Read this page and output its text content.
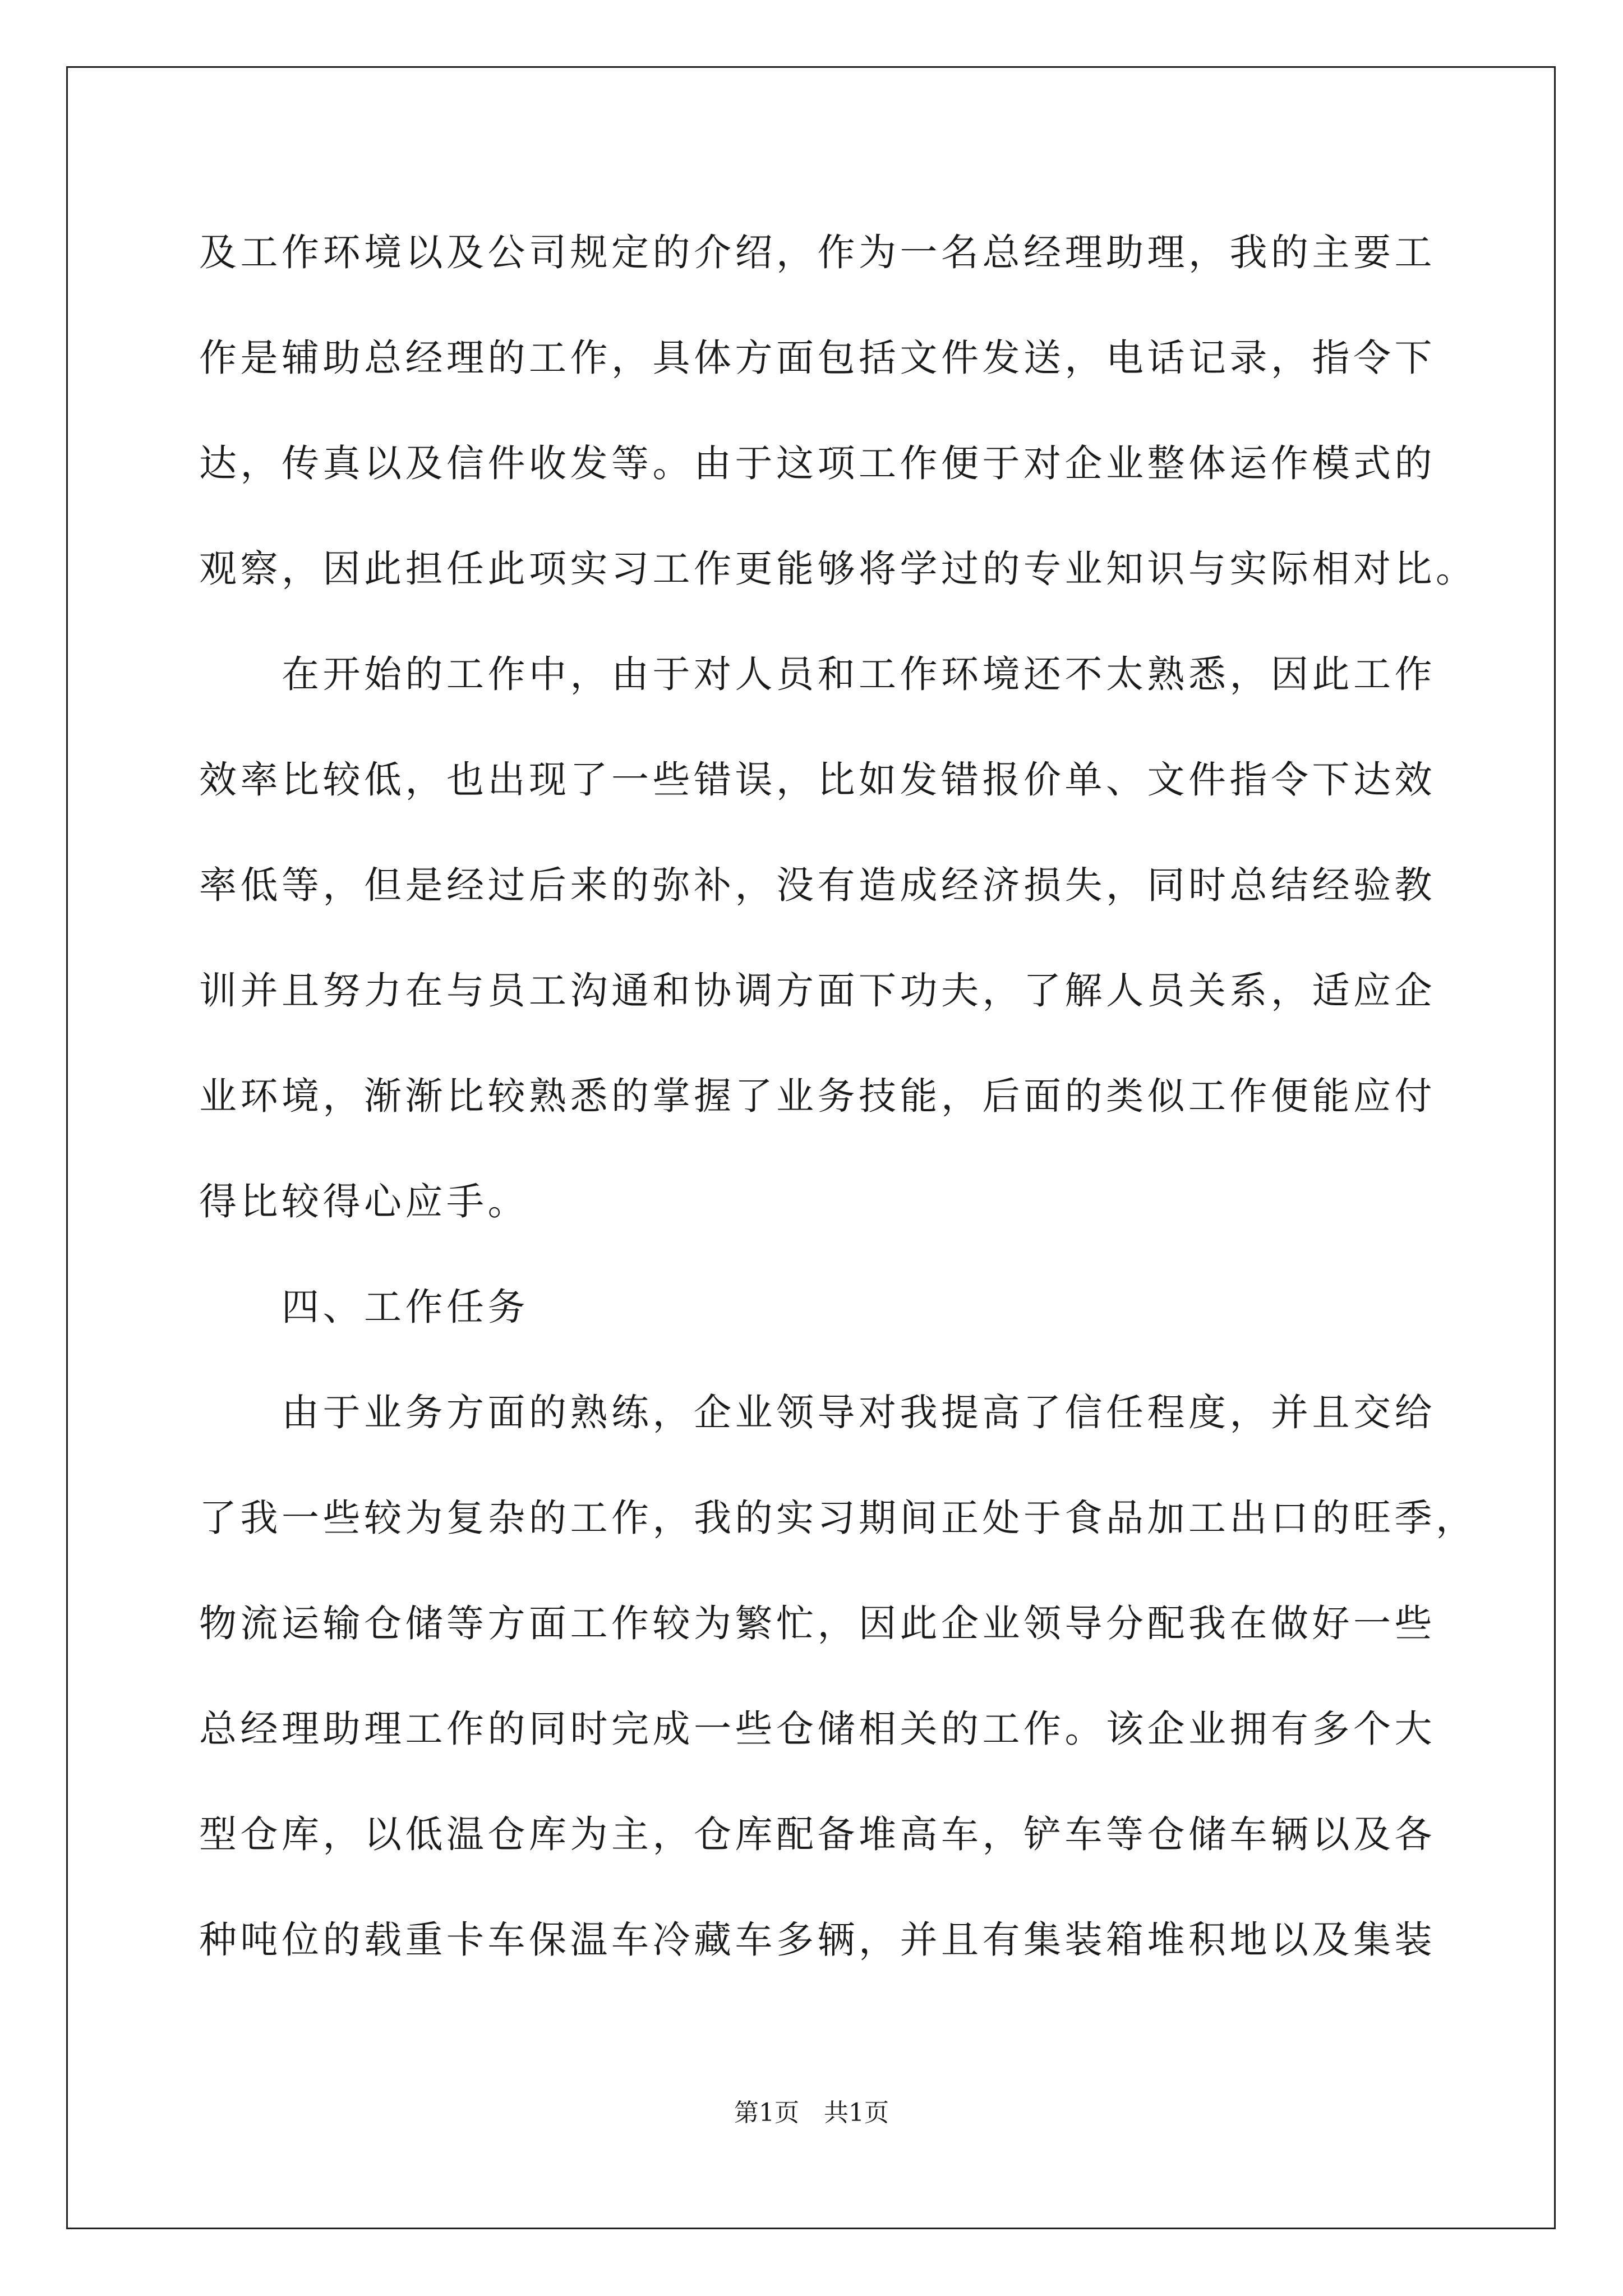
及工作环境以及公司规定的介绍，作为一名总经理助理，我的主要工
作是辅助总经理的工作，具体方面包括文件发送，电话记录，指令下
达，传真以及信件收发等。由于这项工作便于对企业整体运作模式的
观察，因此担任此项实习工作更能够将学过的专业知识与实际相对比。
　　在开始的工作中，由于对人员和工作环境还不太熟悉，因此工作
效率比较低，也出现了一些错误，比如发错报价单、文件指令下达效
率低等，但是经过后来的弥补，没有造成经济损失，同时总结经验教
训并且努力在与员工沟通和协调方面下功夫，了解人员关系，适应企
业环境，渐渐比较熟悉的掌握了业务技能，后面的类似工作便能应付
得比较得心应手。
　　四、工作任务
　　由于业务方面的熟练，企业领导对我提高了信任程度，并且交给
了我一些较为复杂的工作，我的实习期间正处于食品加工出口的旺季，
物流运输仓储等方面工作较为繁忙，因此企业领导分配我在做好一些
总经理助理工作的同时完成一些仓储相关的工作。该企业拥有多个大
型仓库，以低温仓库为主，仓库配备堆高车，铲车等仓储车辆以及各
种吨位的载重卡车保温车冷藏车多辆，并且有集装箱堆积地以及集装
第1页　共1页
